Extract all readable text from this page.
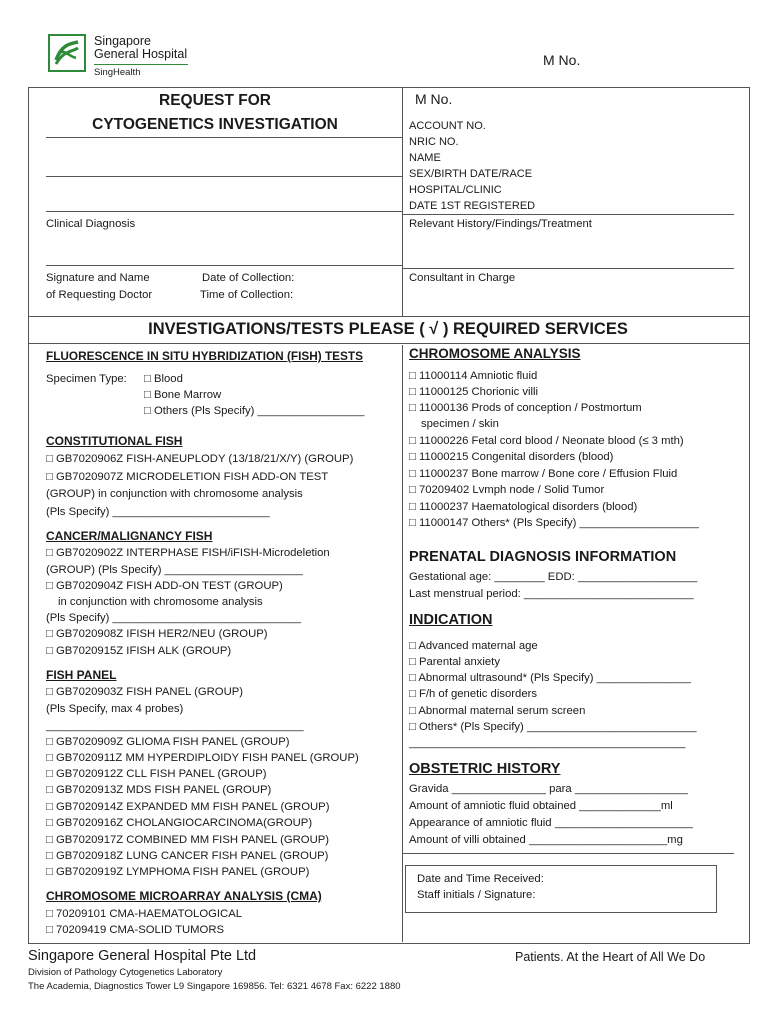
Singapore
General Hospital
SingHealth
M No.
REQUEST FOR
CYTOGENETICS INVESTIGATION
Clinical Diagnosis
Signature and Name
of Requesting Doctor
Date of Collection:
Time of Collection:
M No.
ACCOUNT NO.
NRIC NO.
NAME
SEX/BIRTH DATE/RACE
HOSPITAL/CLINIC
DATE 1ST REGISTERED
Relevant History/Findings/Treatment
Consultant in Charge
INVESTIGATIONS/TESTS PLEASE ( √ ) REQUIRED SERVICES
FLUORESCENCE IN SITU HYBRIDIZATION (FISH) TESTS
Specimen Type: □ Blood
□ Bone Marrow
□ Others (Pls Specify) _________________
CONSTITUTIONAL FISH
□ GB7020906Z FISH-ANEUPLODY (13/18/21/X/Y) (GROUP)
□ GB7020907Z MICRODELETION FISH ADD-ON TEST
(GROUP) in conjunction with chromosome analysis
(Pls Specify) _________________________
CANCER/MALIGNANCY FISH
□ GB7020902Z INTERPHASE FISH/iFISH-Microdeletion
(GROUP) (Pls Specify) ______________________
□ GB7020904Z FISH ADD-ON TEST (GROUP)
in conjunction with chromosome analysis
(Pls Specify) ______________________________
□ GB7020908Z IFISH HER2/NEU (GROUP)
□ GB7020915Z IFISH ALK (GROUP)
FISH PANEL
□ GB7020903Z FISH PANEL (GROUP)
(Pls Specify, max 4 probes)
_________________________________________
□ GB7020909Z GLIOMA FISH PANEL (GROUP)
□ GB7020911Z MM HYPERDIPLOIDY FISH PANEL (GROUP)
□ GB7020912Z CLL FISH PANEL (GROUP)
□ GB7020913Z MDS FISH PANEL (GROUP)
□ GB7020914Z EXPANDED MM FISH PANEL (GROUP)
□ GB7020916Z CHOLANGIOCARCINOMA(GROUP)
□ GB7020917Z COMBINED MM FISH PANEL (GROUP)
□ GB7020918Z LUNG CANCER FISH PANEL (GROUP)
□ GB7020919Z LYMPHOMA FISH PANEL (GROUP)
CHROMOSOME MICROARRAY ANALYSIS (CMA)
□ 70209101 CMA-HAEMATOLOGICAL
□ 70209419 CMA-SOLID TUMORS
CHROMOSOME ANALYSIS
□ 11000114 Amniotic fluid
□ 11000125 Chorionic villi
□ 11000136 Prods of conception / Postmortum
specimen / skin
□ 11000226 Fetal cord blood / Neonate blood (≤ 3 mth)
□ 11000215 Congenital disorders (blood)
□ 11000237 Bone marrow / Bone core / Effusion Fluid
□ 70209402 Lvmph node / Solid Tumor
□ 11000237 Haematological disorders (blood)
□ 11000147 Others* (Pls Specify) ___________________
PRENATAL DIAGNOSIS INFORMATION
Gestational age: ________ EDD: ___________________
Last menstrual period: ___________________________
INDICATION
□ Advanced maternal age
□ Parental anxiety
□ Abnormal ultrasound* (Pls Specify) _______________
□ F/h of genetic disorders
□ Abnormal maternal serum screen
□ Others* (Pls Specify) ___________________________
____________________________________________
OBSTETRIC HISTORY
Gravida _______________ para __________________
Amount of amniotic fluid obtained _____________ml
Appearance of amniotic fluid ______________________
Amount of villi obtained ______________________mg
Date and Time Received:
Staff initials / Signature:
Singapore General Hospital Pte Ltd	Patients. At the Heart of All We Do
Division of Pathology Cytogenetics Laboratory
The Academia, Diagnostics Tower L9 Singapore 169856. Tel: 6321 4678 Fax: 6222 1880
